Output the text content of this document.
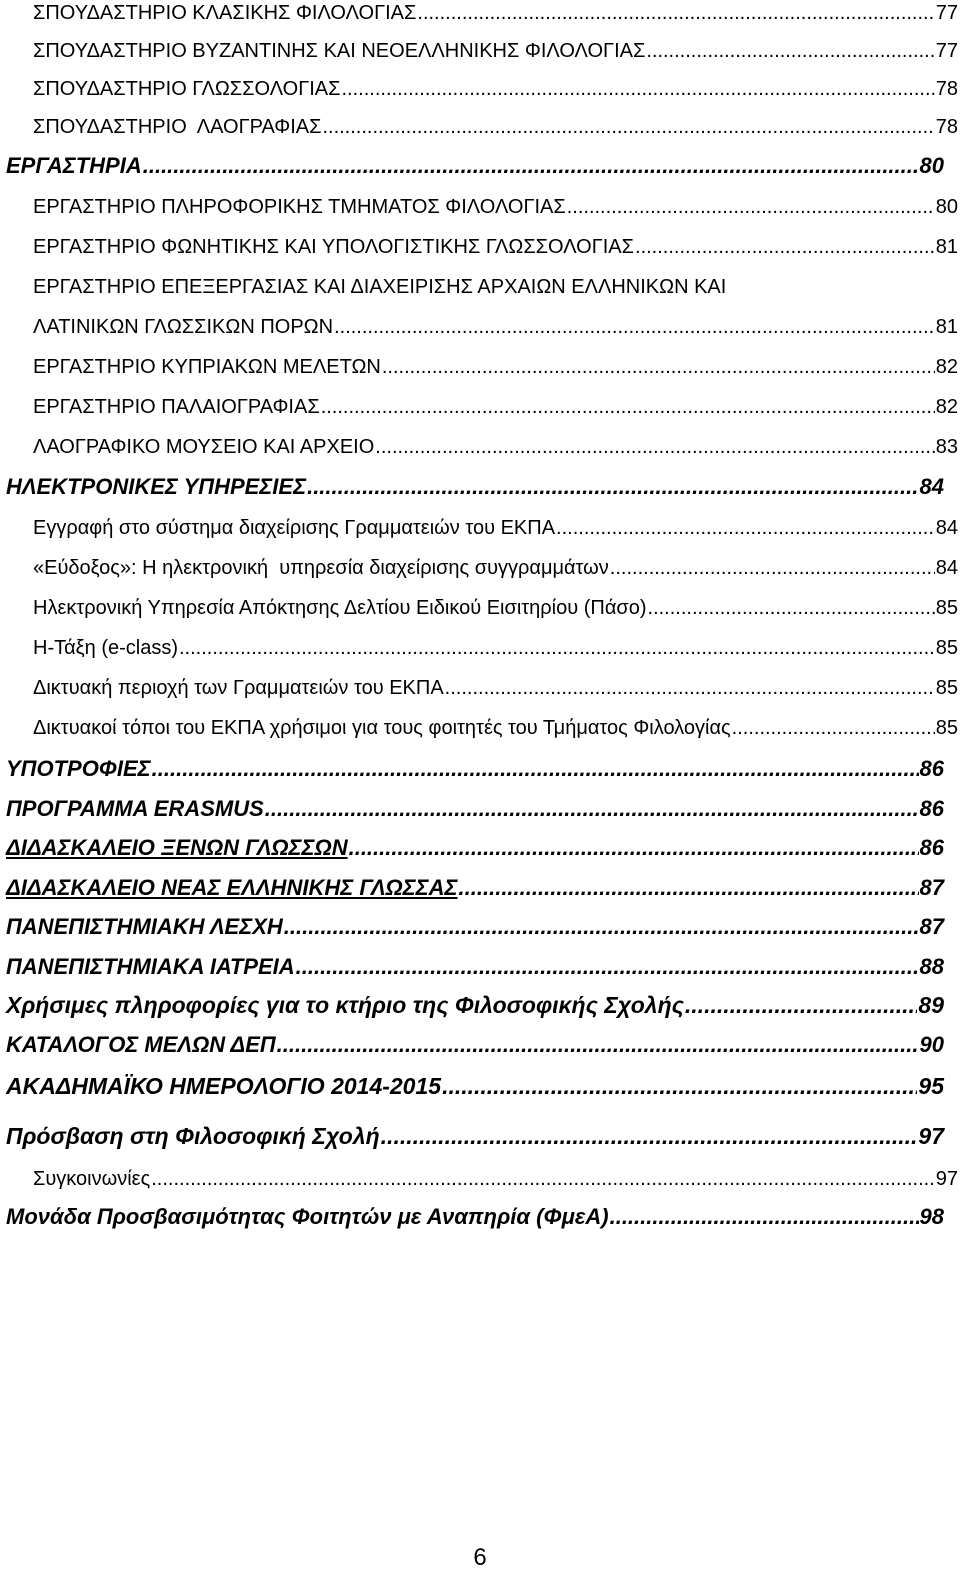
ΣΠΟΥΔΑΣΤΗΡΙΟ ΚΛΑΣΙΚΗΣ ΦΙΛΟΛΟΓΙΑΣ .....	77
ΣΠΟΥΔΑΣΤΗΡΙΟ ΒΥΖΑΝΤΙΝΗΣ ΚΑΙ ΝΕΟΕΛΛΗΝΙΚΗΣ ΦΙΛΟΛΟΓΙΑΣ .....	77
ΣΠΟΥΔΑΣΤΗΡΙΟ ΓΛΩΣΣΟΛΟΓΙΑΣ .....	78
ΣΠΟΥΔΑΣΤΗΡΙΟ  ΛΑΟΓΡΑΦΙΑΣ .....	78
ΕΡΓΑΣΤΗΡΙΑ .....	80
ΕΡΓΑΣΤΗΡΙΟ ΠΛΗΡΟΦΟΡΙΚΗΣ ΤΜΗΜΑΤΟΣ ΦΙΛΟΛΟΓΙΑΣ .....	80
ΕΡΓΑΣΤΗΡΙΟ ΦΩΝΗΤΙΚΗΣ ΚΑΙ ΥΠΟΛΟΓΙΣΤΙΚΗΣ ΓΛΩΣΣΟΛΟΓΙΑΣ .....	81
ΕΡΓΑΣΤΗΡΙΟ ΕΠΕΞΕΡΓΑΣΙΑΣ ΚΑΙ ΔΙΑΧΕΙΡΙΣΗΣ ΑΡΧΑΙΩΝ ΕΛΛΗΝΙΚΩΝ ΚΑΙ
ΛΑΤΙΝΙΚΩΝ ΓΛΩΣΣΙΚΩΝ ΠΟΡΩΝ .....	81
ΕΡΓΑΣΤΗΡΙΟ ΚΥΠΡΙΑΚΩΝ ΜΕΛΕΤΩΝ .....	82
ΕΡΓΑΣΤΗΡΙΟ ΠΑΛΑΙΟΓΡΑΦΙΑΣ .....	82
ΛΑΟΓΡΑΦΙΚΟ ΜΟΥΣΕΙΟ ΚΑΙ ΑΡΧΕΙΟ .....	83
ΗΛΕΚΤΡΟΝΙΚΕΣ ΥΠΗΡΕΣΙΕΣ .....	84
Εγγραφή στο σύστημα διαχείρισης Γραμματειών του ΕΚΠΑ .....	84
«Εύδοξος»: Η ηλεκτρονική  υπηρεσία διαχείρισης συγγραμμάτων .....	84
Ηλεκτρονική Υπηρεσία Απόκτησης Δελτίου Ειδικού Εισιτηρίου (Πάσο) .....	85
Η-Τάξη (e-class) .....	85
Δικτυακή περιοχή των Γραμματειών του ΕΚΠΑ .....	85
Δικτυακοί τόποι του ΕΚΠΑ χρήσιμοι για τους φοιτητές του Τμήματος Φιλολογίας .....	85
ΥΠΟΤΡΟΦΙΕΣ .....	86
ΠΡΟΓΡΑΜΜΑ ERASMUS .....	86
ΔΙΔΑΣΚΑΛΕΙΟ ΞΕΝΩΝ ΓΛΩΣΣΩΝ .....	86
ΔΙΔΑΣΚΑΛΕΙΟ ΝΕΑΣ ΕΛΛΗΝΙΚΗΣ ΓΛΩΣΣΑΣ .....	87
ΠΑΝΕΠΙΣΤΗΜΙΑΚΗ ΛΕΣΧΗ .....	87
ΠΑΝΕΠΙΣΤΗΜΙΑΚΑ ΙΑΤΡΕΙΑ .....	88
Χρήσιμες πληροφορίες για το κτήριο της Φιλοσοφικής Σχολής .....	89
ΚΑΤΑΛΟΓΟΣ ΜΕΛΩΝ ΔΕΠ .....	90
ΑΚΑΔΗΜΑΪΚΟ ΗΜΕΡΟΛΟΓΙΟ 2014-2015 .....	95
Πρόσβαση στη Φιλοσοφική Σχολή .....	97
Συγκοινωνίες .....	97
Μονάδα Προσβασιμότητας Φοιτητών με Αναπηρία (ΦμεΑ) .....	98
6
